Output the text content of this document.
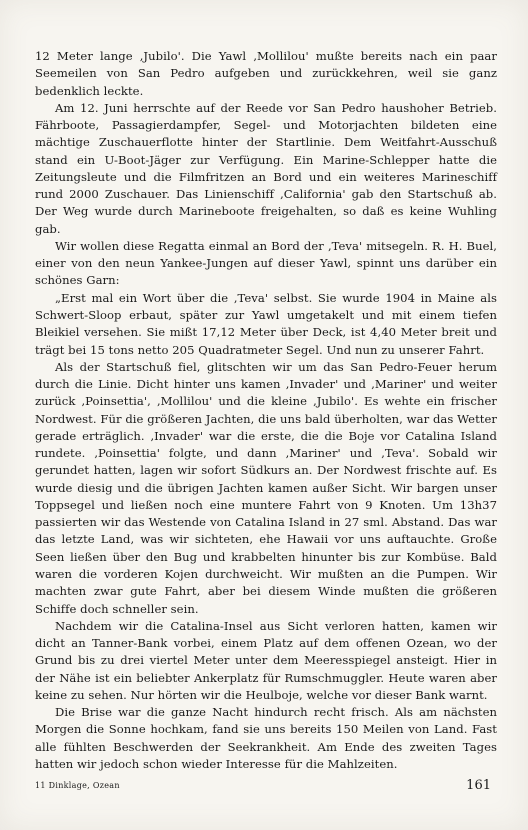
12 Meter lange ‚Jubilo'. Die Yawl ‚Mollilou' mußte bereits nach ein paar Seemeilen von San Pedro aufgeben und zurückkehren, weil sie ganz bedenklich leckte.

Am 12. Juni herrschte auf der Reede vor San Pedro haushoher Betrieb. Fährboote, Passagierdampfer, Segel- und Motorjachten bildeten eine mächtige Zuschauerflotte hinter der Startlinie. Dem Weitfahrt-Ausschuß stand ein U-Boot-Jäger zur Verfügung. Ein Marine-Schlepper hatte die Zeitungsleute und die Filmfritzen an Bord und ein weiteres Marineschiff rund 2000 Zuschauer. Das Linienschiff ‚California' gab den Startschuß ab. Der Weg wurde durch Marineboote freigehalten, so daß es keine Wuhling gab.

Wir wollen diese Regatta einmal an Bord der ‚Teva' mitsegeln. R. H. Buel, einer von den neun Yankee-Jungen auf dieser Yawl, spinnt uns darüber ein schönes Garn:

„Erst mal ein Wort über die ‚Teva' selbst. Sie wurde 1904 in Maine als Schwert-Sloop erbaut, später zur Yawl umgetakelt und mit einem tiefen Bleikiel versehen. Sie mißt 17,12 Meter über Deck, ist 4,40 Meter breit und trägt bei 15 tons netto 205 Quadratmeter Segel. Und nun zu unserer Fahrt.

Als der Startschuß fiel, glitschten wir um das San Pedro-Feuer herum durch die Linie. Dicht hinter uns kamen ‚Invader' und ‚Mariner' und weiter zurück ‚Poinsettia', ‚Mollilou' und die kleine ‚Jubilo'. Es wehte ein frischer Nordwest. Für die größeren Jachten, die uns bald überholten, war das Wetter gerade erträglich. ‚Invader' war die erste, die die Boje vor Catalina Island rundete. ‚Poinsettia' folgte, und dann ‚Mariner' und ‚Teva'. Sobald wir gerundet hatten, lagen wir sofort Südkurs an. Der Nordwest frischte auf. Es wurde diesig und die übrigen Jachten kamen außer Sicht. Wir bargen unser Toppsegel und ließen noch eine muntere Fahrt von 9 Knoten. Um 13h37 passierten wir das Westende von Catalina Island in 27 sml. Abstand. Das war das letzte Land, was wir sichteten, ehe Hawaii vor uns auftauchte. Große Seen ließen über den Bug und krabbelten hinunter bis zur Kombüse. Bald waren die vorderen Kojen durchweicht. Wir mußten an die Pumpen. Wir machten zwar gute Fahrt, aber bei diesem Winde mußten die größeren Schiffe doch schneller sein.

Nachdem wir die Catalina-Insel aus Sicht verloren hatten, kamen wir dicht an Tanner-Bank vorbei, einem Platz auf dem offenen Ozean, wo der Grund bis zu drei viertel Meter unter dem Meeresspiegel ansteigt. Hier in der Nähe ist ein beliebter Ankerplatz für Rumschmuggler. Heute waren aber keine zu sehen. Nur hörten wir die Heulboje, welche vor dieser Bank warnt.

Die Brise war die ganze Nacht hindurch recht frisch. Als am nächsten Morgen die Sonne hochkam, fand sie uns bereits 150 Meilen von Land. Fast alle fühlten Beschwerden der Seekrankheit. Am Ende des zweiten Tages hatten wir jedoch schon wieder Interesse für die Mahlzeiten.

11 Dinklage, Ozean	161
